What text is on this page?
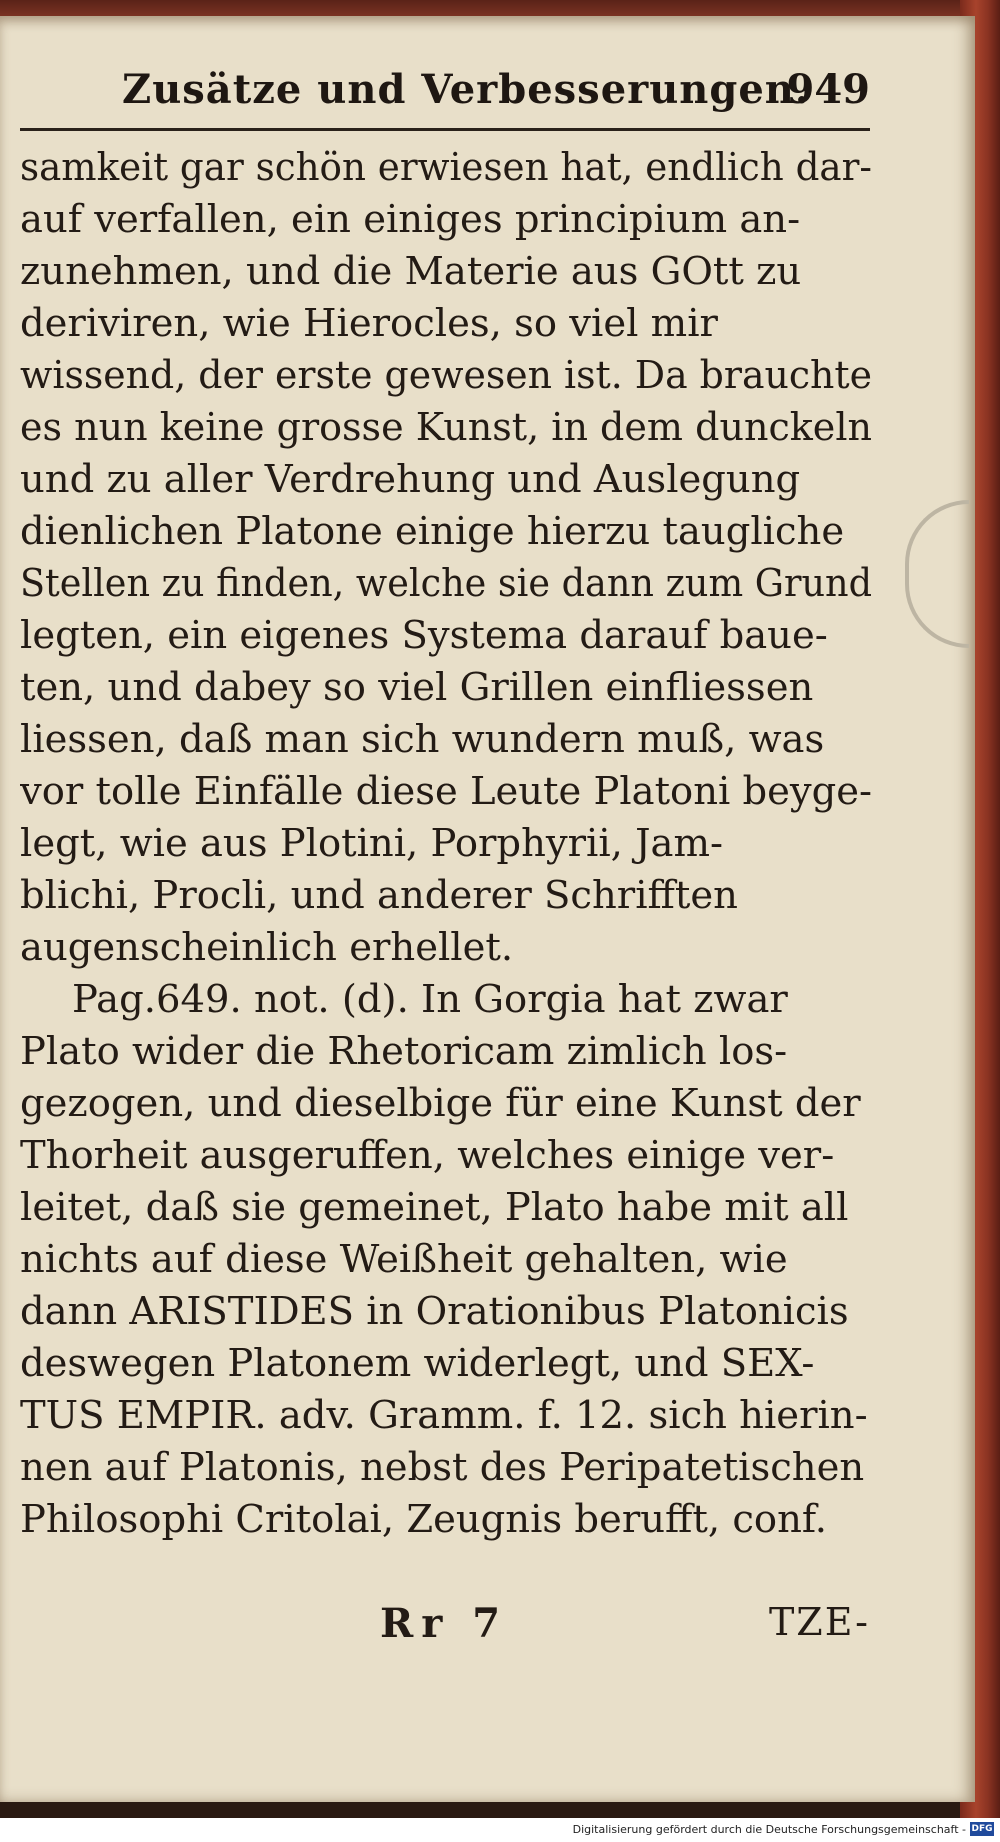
Zusätze und Verbesserungen.
949
samkeit gar schön erwiesen hat, endlich dar-
auf verfallen, ein einiges principium an-
zunehmen, und die Materie aus GOtt zu
deriviren, wie Hierocles, so viel mir
wissend, der erste gewesen ist. Da brauchte
es nun keine grosse Kunst, in dem dunckeln
und zu aller Verdrehung und Auslegung
dienlichen Platone einige hierzu taugliche
Stellen zu finden, welche sie dann zum Grund
legten, ein eigenes Systema darauf baue-
ten, und dabey so viel Grillen einfliessen
liessen, daß man sich wundern muß, was
vor tolle Einfälle diese Leute Platoni beyge-
legt, wie aus Plotini, Porphyrii, Jam-
blichi, Procli, und anderer Schrifften
augenscheinlich erhellet.
Pag.649. not. (d). In Gorgia hat zwar
Plato wider die Rhetoricam zimlich los-
gezogen, und dieselbige für eine Kunst der
Thorheit ausgeruffen, welches einige ver-
leitet, daß sie gemeinet, Plato habe mit all
nichts auf diese Weißheit gehalten, wie
dann ARISTIDES in Orationibus Platonicis
deswegen Platonem widerlegt, und SEX-
TUS EMPIR. adv. Gramm. f. 12. sich hierin-
nen auf Platonis, nebst des Peripatetischen
Philosophi Critolai, Zeugnis berufft, conf.
Rr 7	TZE-
Digitalisierung gefördert durch die Deutsche Forschungsgemeinschaft - DFG
